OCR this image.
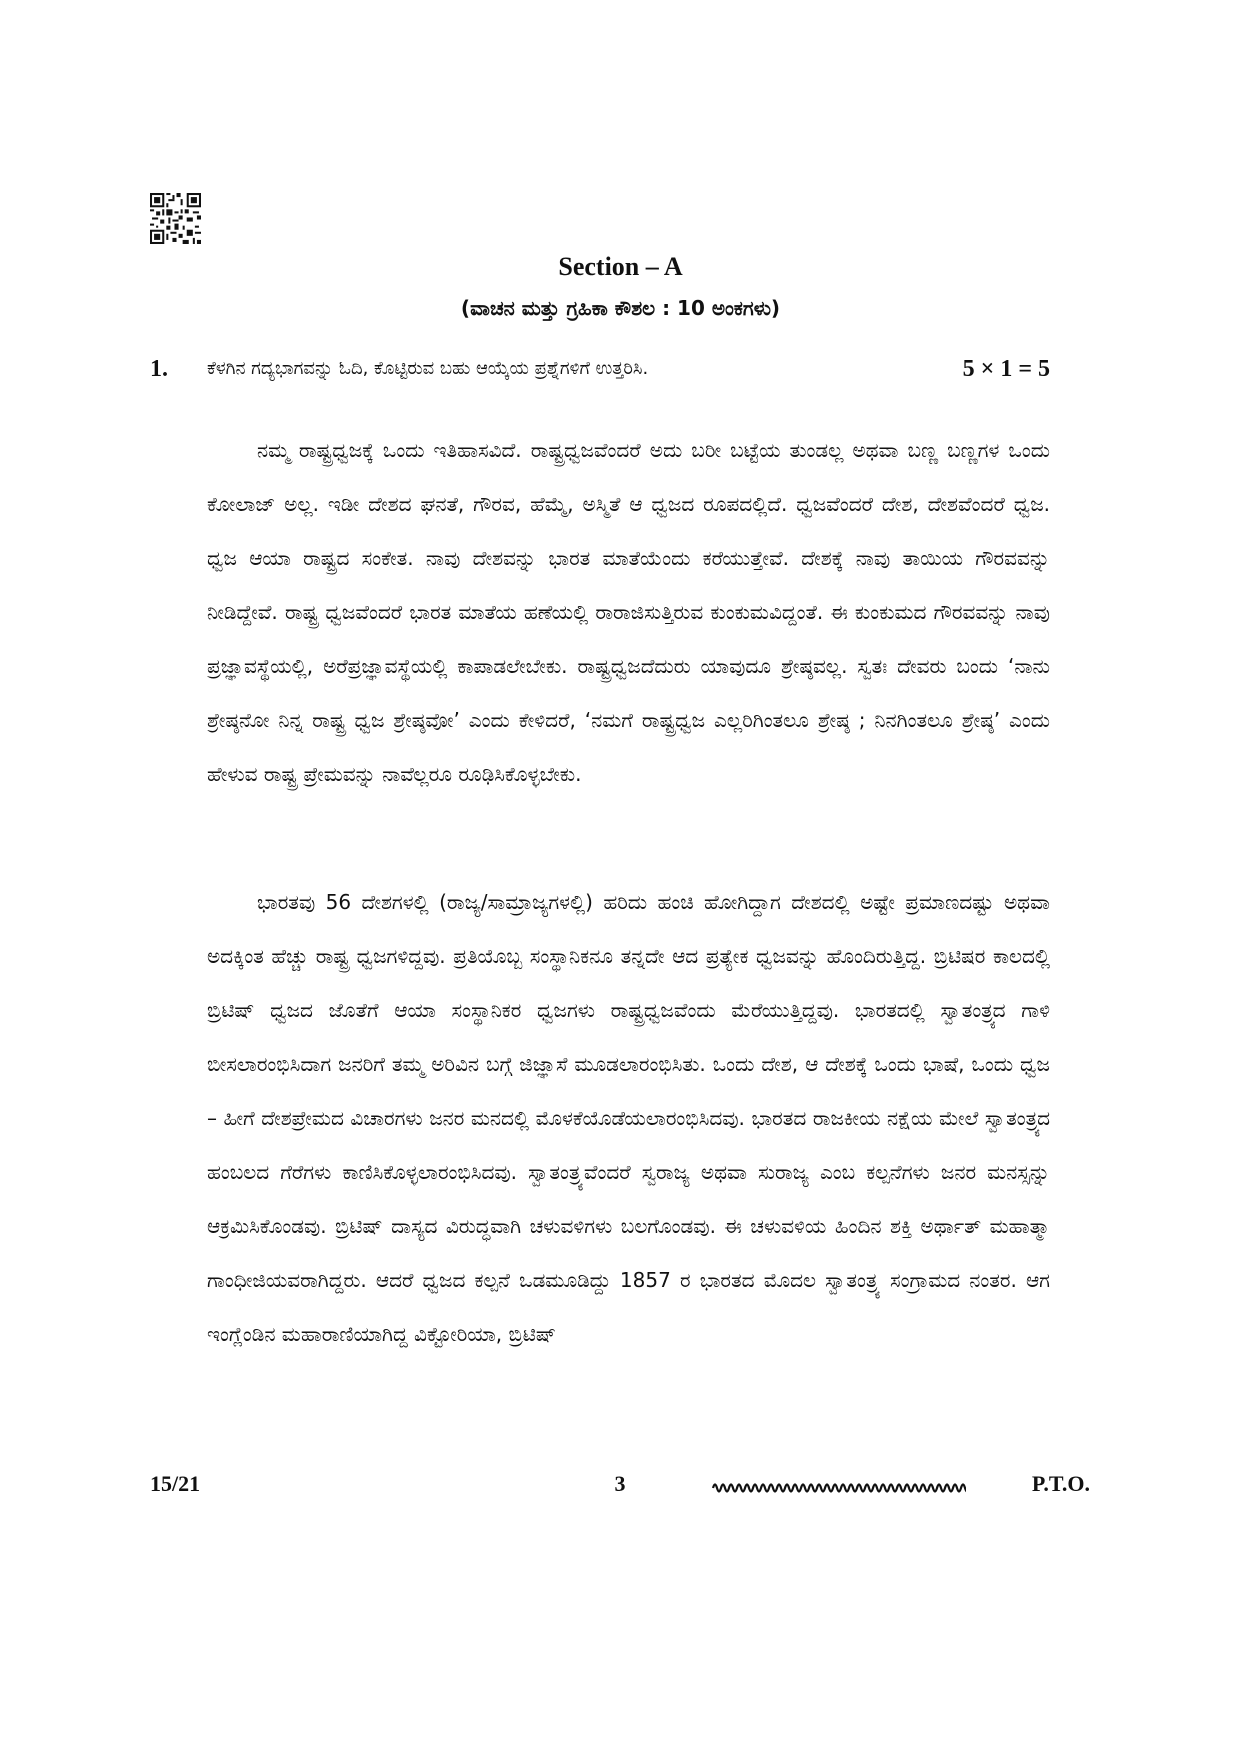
Section – A
(ವಾಚನ ಮತ್ತು ಗ್ರಹಿಕಾ ಕೌಶಲ : 10 ಅಂಕಗಳು)
1. ಕೆಳಗಿನ ಗದ್ಯಭಾಗವನ್ನು ಓದಿ, ಕೊಟ್ಟಿರುವ ಬಹು ಆಯ್ಕೆಯ ಪ್ರಶ್ನೆಗಳಿಗೆ ಉತ್ತರಿಸಿ.	5 × 1 = 5

ನಮ್ಮ ರಾಷ್ಟ್ರಧ್ವಜಕ್ಕೆ ಒಂದು ಇತಿಹಾಸವಿದೆ. ರಾಷ್ಟ್ರಧ್ವಜವೆಂದರೆ ಅದು ಬರೀ ಬಟ್ಟೆಯ ತುಂಡಲ್ಲ ಅಥವಾ ಬಣ್ಣ ಬಣ್ಣಗಳ ಒಂದು ಕೋಲಾಜ್ ಅಲ್ಲ. ಇಡೀ ದೇಶದ ಘನತೆ, ಗೌರವ, ಹೆಮ್ಮೆ, ಅಸ್ಮಿತೆ ಆ ಧ್ವಜದ ರೂಪದಲ್ಲಿದೆ. ಧ್ವಜವೆಂದರೆ ದೇಶ, ದೇಶವೆಂದರೆ ಧ್ವಜ. ಧ್ವಜ ಆಯಾ ರಾಷ್ಟ್ರದ ಸಂಕೇತ. ನಾವು ದೇಶವನ್ನು ಭಾರತ ಮಾತೆಯೆಂದು ಕರೆಯುತ್ತೇವೆ. ದೇಶಕ್ಕೆ ನಾವು ತಾಯಿಯ ಗೌರವವನ್ನು ನೀಡಿದ್ದೇವೆ. ರಾಷ್ಟ್ರ ಧ್ವಜವೆಂದರೆ ಭಾರತ ಮಾತೆಯ ಹಣೆಯಲ್ಲಿ ರಾರಾಜಿಸುತ್ತಿರುವ ಕುಂಕುಮವಿದ್ದಂತೆ. ಈ ಕುಂಕುಮದ ಗೌರವವನ್ನು ನಾವು ಪ್ರಜ್ಞಾವಸ್ಥೆಯಲ್ಲಿ, ಅರೆಪ್ರಜ್ಞಾವಸ್ಥೆಯಲ್ಲಿ ಕಾಪಾಡಲೇಬೇಕು. ರಾಷ್ಟ್ರಧ್ವಜದೆದುರು ಯಾವುದೂ ಶ್ರೇಷ್ಠವಲ್ಲ. ಸ್ವತಃ ದೇವರು ಬಂದು ‘ನಾನು ಶ್ರೇಷ್ಠನೋ ನಿನ್ನ ರಾಷ್ಟ್ರ ಧ್ವಜ ಶ್ರೇಷ್ಠವೋ’ ಎಂದು ಕೇಳಿದರೆ, ‘ನಮಗೆ ರಾಷ್ಟ್ರಧ್ವಜ ಎಲ್ಲರಿಗಿಂತಲೂ ಶ್ರೇಷ್ಠ ; ನಿನಗಿಂತಲೂ ಶ್ರೇಷ್ಠ’ ಎಂದು ಹೇಳುವ ರಾಷ್ಟ್ರ ಪ್ರೇಮವನ್ನು ನಾವೆಲ್ಲರೂ ರೂಢಿಸಿಕೊಳ್ಳಬೇಕು.

ಭಾರತವು 56 ದೇಶಗಳಲ್ಲಿ (ರಾಜ್ಯ/ಸಾಮ್ರಾಜ್ಯಗಳಲ್ಲಿ) ಹರಿದು ಹಂಚಿ ಹೋಗಿದ್ದಾಗ ದೇಶದಲ್ಲಿ ಅಷ್ಟೇ ಪ್ರಮಾಣದಷ್ಟು ಅಥವಾ ಅದಕ್ಕಿಂತ ಹೆಚ್ಚು ರಾಷ್ಟ್ರ ಧ್ವಜಗಳಿದ್ದವು. ಪ್ರತಿಯೊಬ್ಬ ಸಂಸ್ಥಾನಿಕನೂ ತನ್ನದೇ ಆದ ಪ್ರತ್ಯೇಕ ಧ್ವಜವನ್ನು ಹೊಂದಿರುತ್ತಿದ್ದ. ಬ್ರಿಟಿಷರ ಕಾಲದಲ್ಲಿ ಬ್ರಿಟಿಷ್ ಧ್ವಜದ ಜೊತೆಗೆ ಆಯಾ ಸಂಸ್ಥಾನಿಕರ ಧ್ವಜಗಳು ರಾಷ್ಟ್ರಧ್ವಜವೆಂದು ಮೆರೆಯುತ್ತಿದ್ದವು. ಭಾರತದಲ್ಲಿ ಸ್ವಾತಂತ್ರ್ಯದ ಗಾಳಿ ಬೀಸಲಾರಂಭಿಸಿದಾಗ ಜನರಿಗೆ ತಮ್ಮ ಅರಿವಿನ ಬಗ್ಗೆ ಜಿಜ್ಞಾಸೆ ಮೂಡಲಾರಂಭಿಸಿತು. ಒಂದು ದೇಶ, ಆ ದೇಶಕ್ಕೆ ಒಂದು ಭಾಷೆ, ಒಂದು ಧ್ವಜ – ಹೀಗೆ ದೇಶಪ್ರೇಮದ ವಿಚಾರಗಳು ಜನರ ಮನದಲ್ಲಿ ಮೊಳಕೆಯೊಡೆಯಲಾರಂಭಿಸಿದವು. ಭಾರತದ ರಾಜಕೀಯ ನಕ್ಷೆಯ ಮೇಲೆ ಸ್ವಾತಂತ್ರ್ಯದ ಹಂಬಲದ ಗೆರೆಗಳು ಕಾಣಿಸಿಕೊಳ್ಳಲಾರಂಭಿಸಿದವು. ಸ್ವಾತಂತ್ರ್ಯವೆಂದರೆ ಸ್ವರಾಜ್ಯ ಅಥವಾ ಸುರಾಜ್ಯ ಎಂಬ ಕಲ್ಪನೆಗಳು ಜನರ ಮನಸ್ಸನ್ನು ಆಕ್ರಮಿಸಿಕೊಂಡವು. ಬ್ರಿಟಿಷ್ ದಾಸ್ಯದ ವಿರುದ್ಧವಾಗಿ ಚಳುವಳಿಗಳು ಬಲಗೊಂಡವು. ಈ ಚಳುವಳಿಯ ಹಿಂದಿನ ಶಕ್ತಿ ಅರ್ಥಾತ್ ಮಹಾತ್ಮಾ ಗಾಂಧೀಜಿಯವರಾಗಿದ್ದರು. ಆದರೆ ಧ್ವಜದ ಕಲ್ಪನೆ ಒಡಮೂಡಿದ್ದು 1857 ರ ಭಾರತದ ಮೊದಲ ಸ್ವಾತಂತ್ರ್ಯ ಸಂಗ್ರಾಮದ ನಂತರ. ಆಗ ಇಂಗ್ಲೆಂಡಿನ ಮಹಾರಾಣಿಯಾಗಿದ್ದ ವಿಕ್ಟೋರಿಯಾ, ಬ್ರಿಟಿಷ್

15/21	3	P.T.O.
